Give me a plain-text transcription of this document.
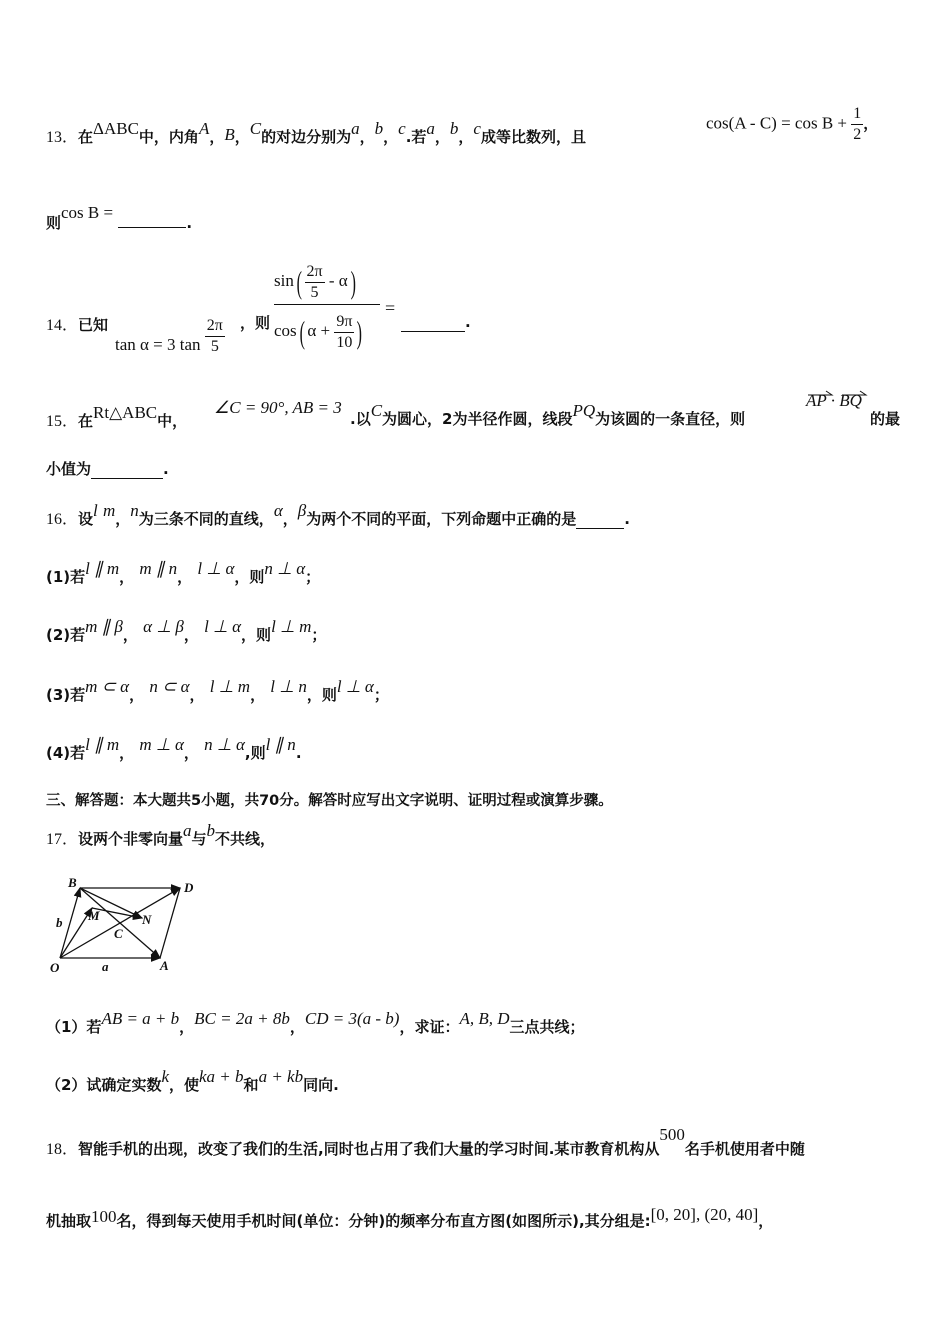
13．在ΔABC中，内角A，B，C的对边分别为a，b，c.若a，b，c成等比数列，且
$\cos(A - C) = \cos B + \frac{1}{2}$ ，
则cos B = .
14．已知
tan α = 3 $\tan \frac{2\pi}{5}$ ，则
$\sin( \frac{2\pi}{5} - \alpha)$
cos( $\alpha + \frac{9\pi}{10}$ )
=
.
15．在Rt△ABC中，
∠C = 90°, AB = 3
.以C为圆心，2为半径作圆，线段PQ为该圆的一条直径，则
AP · BQ
的最
小值为	.
16．设l m，n为三条不同的直线，α，β为两个不同的平面，下列命题中正确的是	.
(1)若l ∥ m， m ∥ n， l ⊥ α，则n ⊥ α；
(2)若m ∥ β， α ⊥ β， l ⊥ α，则l ⊥ m；
(3)若m ⊂ α， n ⊂ α， l ⊥ m， l ⊥ n，则l ⊥ α；
(4)若l ∥ m， m ⊥ α， n ⊥ α,则l ∥ n.
三、解答题：本大题共5小题，共70分。解答时应写出文字说明、证明过程或演算步骤。
17．设两个非零向量a与b不共线，
B	D
M	N
C
b
O	a	A
（1）若AB = a + b，BC = 2a + 8b，CD = 3(a - b)，求证：A, B, D三点共线；
（2）试确定实数k，使ka + b和a + kb同向.
18．智能手机的出现，改变了我们的生活,同时也占用了我们大量的学习时间.某市教育机构从500名手机使用者中随
机抽取100名，得到每天使用手机时间(单位：分钟)的频率分布直方图(如图所示),其分组是:[0, 20], (20, 40]，
